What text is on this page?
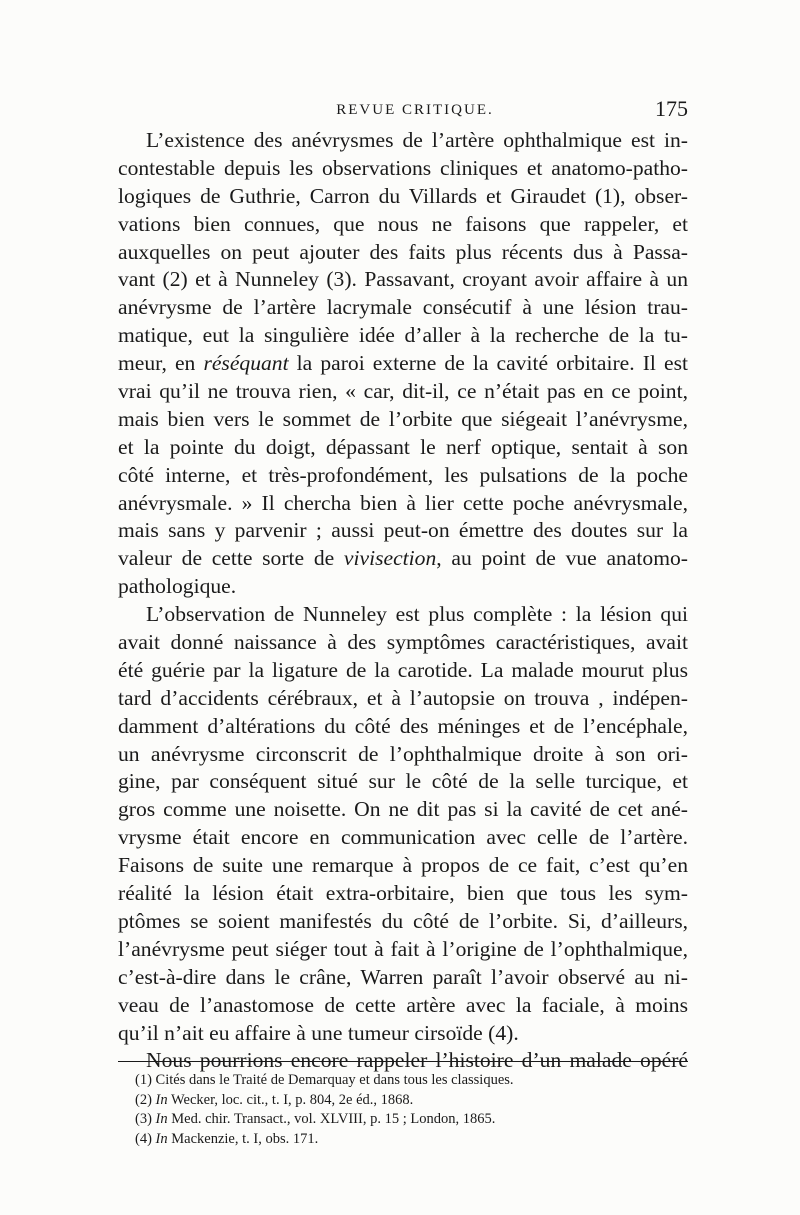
REVUE CRITIQUE.	175
L’existence des anévrysmes de l’artère ophthalmique est in-
contestable depuis les observations cliniques et anatomo-patho-
logiques de Guthrie, Carron du Villards et Giraudet (1), obser-
vations bien connues, que nous ne faisons que rappeler, et
auxquelles on peut ajouter des faits plus récents dus à Passa-
vant (2) et à Nunneley (3). Passavant, croyant avoir affaire à un
anévrysme de l’artère lacrymale consécutif à une lésion trau-
matique, eut la singulière idée d’aller à la recherche de la tu-
meur, en réséquant la paroi externe de la cavité orbitaire. Il est
vrai qu’il ne trouva rien, « car, dit-il, ce n’était pas en ce point,
mais bien vers le sommet de l’orbite que siégeait l’anévrysme,
et la pointe du doigt, dépassant le nerf optique, sentait à son
côté interne, et très-profondément, les pulsations de la poche
anévrysmale. » Il chercha bien à lier cette poche anévrysmale,
mais sans y parvenir ; aussi peut-on émettre des doutes sur la
valeur de cette sorte de vivisection, au point de vue anatomo-
pathologique.
L’observation de Nunneley est plus complète : la lésion qui
avait donné naissance à des symptômes caractéristiques, avait
été guérie par la ligature de la carotide. La malade mourut plus
tard d’accidents cérébraux, et à l’autopsie on trouva , indépen-
damment d’altérations du côté des méninges et de l’encéphale,
un anévrysme circonscrit de l’ophthalmique droite à son ori-
gine, par conséquent situé sur le côté de la selle turcique, et
gros comme une noisette. On ne dit pas si la cavité de cet ané-
vrysme était encore en communication avec celle de l’artère.
Faisons de suite une remarque à propos de ce fait, c’est qu’en
réalité la lésion était extra-orbitaire, bien que tous les sym-
ptômes se soient manifestés du côté de l’orbite. Si, d’ailleurs,
l’anévrysme peut siéger tout à fait à l’origine de l’ophthalmique,
c’est-à-dire dans le crâne, Warren paraît l’avoir observé au ni-
veau de l’anastomose de cette artère avec la faciale, à moins
qu’il n’ait eu affaire à une tumeur cirsoïde (4).
Nous pourrions encore rappeler l’histoire d’un malade opéré
(1) Cités dans le Traité de Demarquay et dans tous les classiques.
(2) In Wecker, loc. cit., t. I, p. 804, 2e éd., 1868.
(3) In Med. chir. Transact., vol. XLVIII, p. 15 ; London, 1865.
(4) In Mackenzie, t. I, obs. 171.
